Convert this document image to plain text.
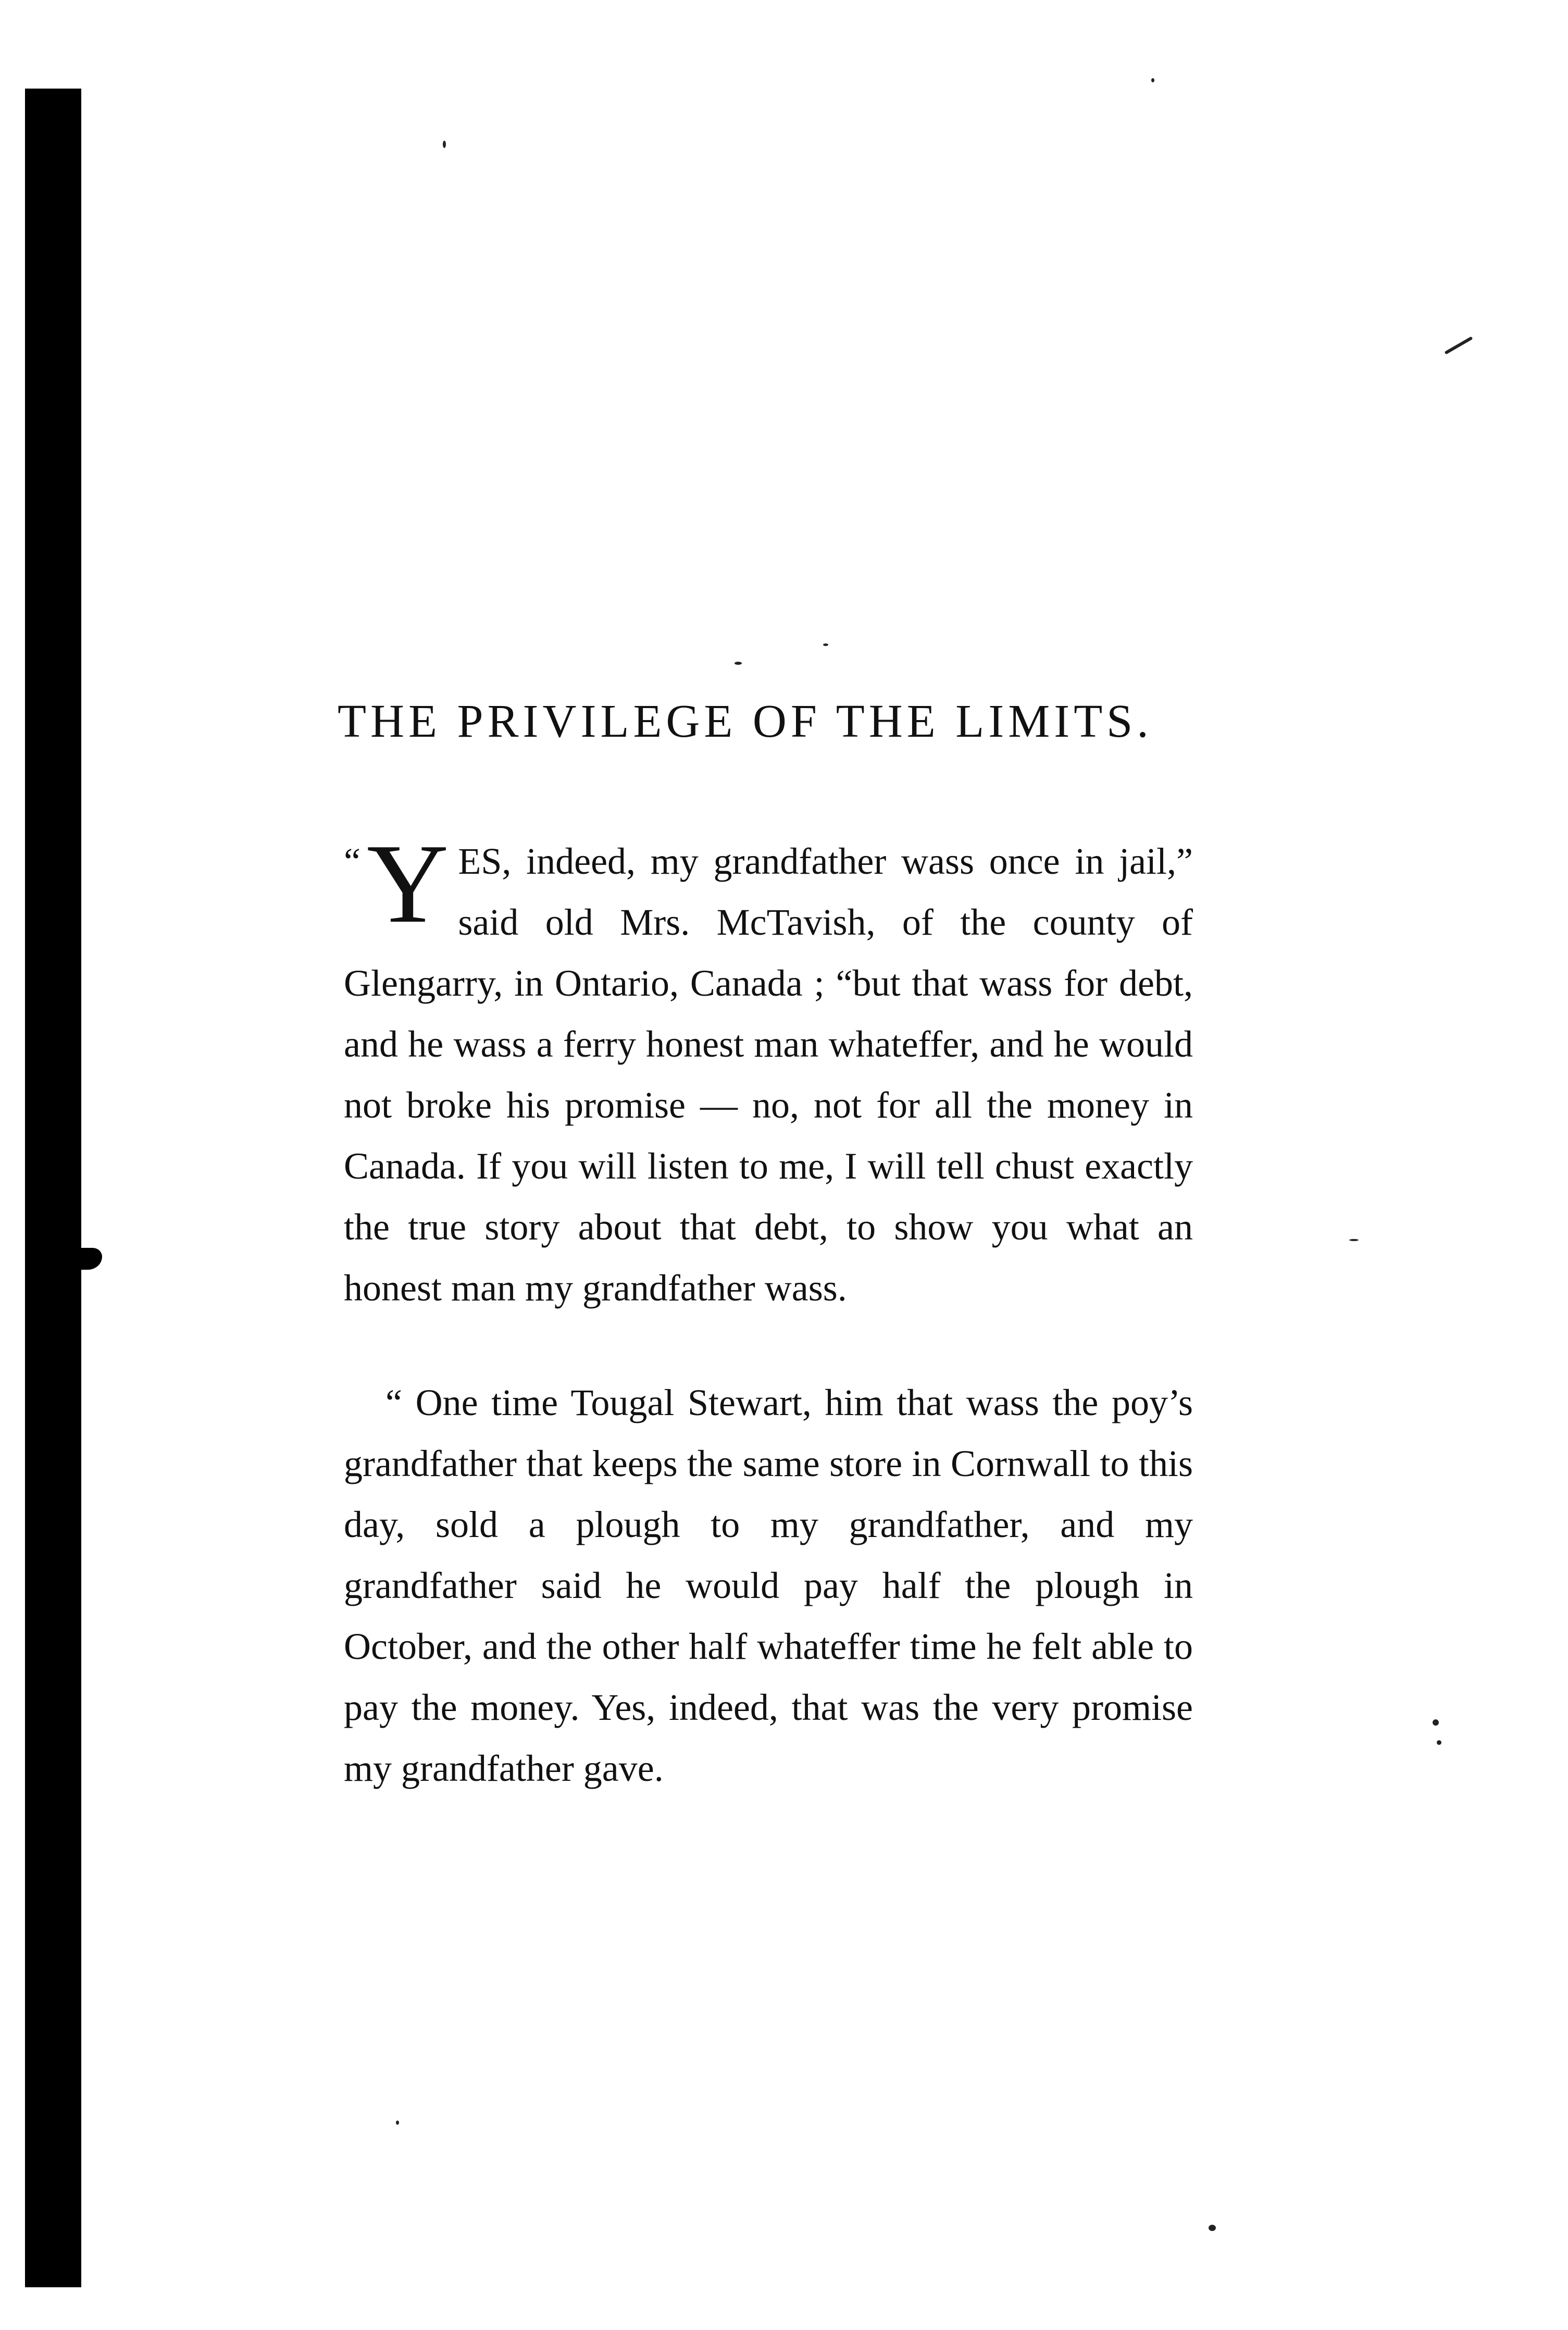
THE PRIVILEGE OF THE LIMITS.

“ Y ES, indeed, my grandfather wass once in jail,” said old Mrs. McTavish, of the county of Glengarry, in Ontario, Canada ; “but that wass for debt, and he wass a ferry honest man whateffer, and he would not broke his promise — no, not for all the money in Canada. If you will listen to me, I will tell chust exactly the true story about that debt, to show you what an honest man my grandfather wass.

“ One time Tougal Stewart, him that wass the poy’s grandfather that keeps the same store in Cornwall to this day, sold a plough to my grandfather, and my grandfather said he would pay half the plough in October, and the other half whateffer time he felt able to pay the money. Yes, indeed, that was the very promise my grandfather gave.
